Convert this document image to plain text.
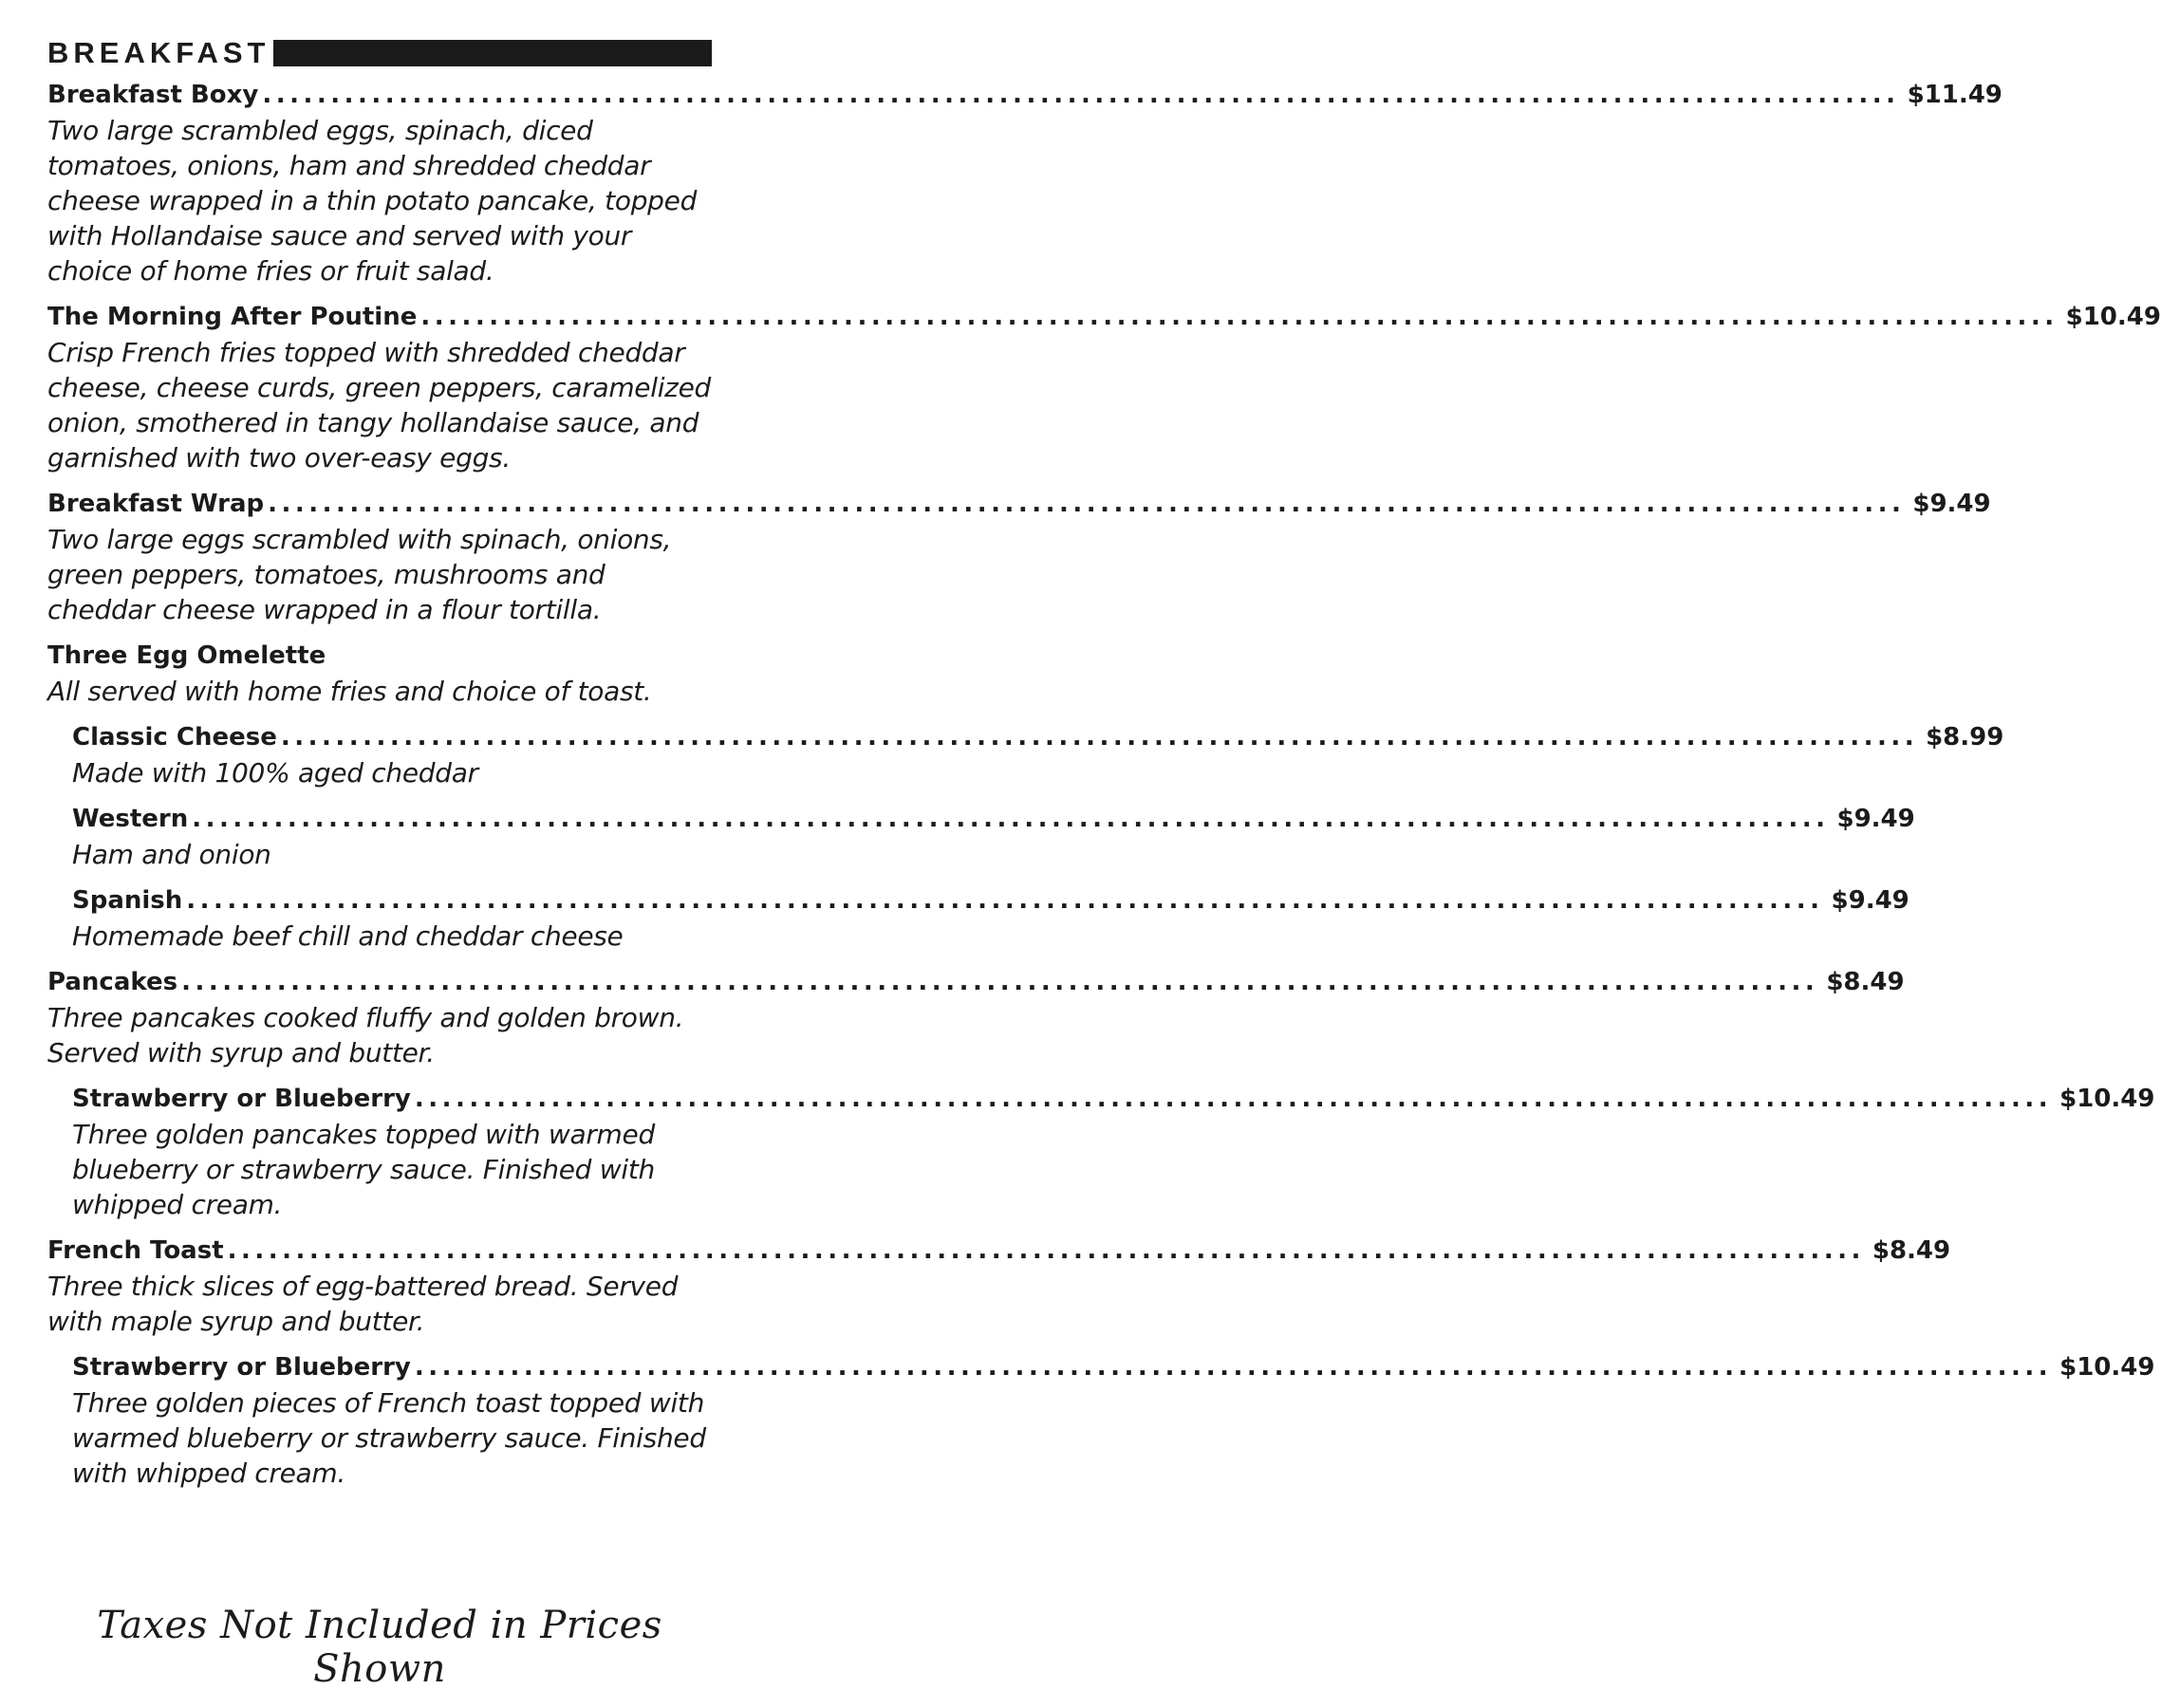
BREAKFAST
Breakfast Boxy ........................................................................................................................ $11.49

Two large scrambled eggs, spinach, diced tomatoes, onions, ham and shredded cheddar cheese wrapped in a thin potato pancake, topped with Hollandaise sauce and served with your choice of home fries or fruit salad.

The Morning After Poutine ........................................................................................................................ $10.49

Crisp French fries topped with shredded cheddar cheese, cheese curds, green peppers, caramelized onion, smothered in tangy hollandaise sauce, and garnished with two over-easy eggs.

Breakfast Wrap ........................................................................................................................ $9.49

Two large eggs scrambled with spinach, onions, green peppers, tomatoes, mushrooms and cheddar cheese wrapped in a flour tortilla.

Three Egg Omelette

All served with home fries and choice of toast.

Classic Cheese ........................................................................................................................ $8.99

Made with 100% aged cheddar

Western ........................................................................................................................ $9.49

Ham and onion

Spanish ........................................................................................................................ $9.49

Homemade beef chill and cheddar cheese

Pancakes ........................................................................................................................ $8.49

Three pancakes cooked fluffy and golden brown. Served with syrup and butter.

Strawberry or Blueberry ........................................................................................................................ $10.49

Three golden pancakes topped with warmed blueberry or strawberry sauce. Finished with whipped cream.

French Toast ........................................................................................................................ $8.49

Three thick slices of egg-battered bread. Served with maple syrup and butter.

Strawberry or Blueberry ........................................................................................................................ $10.49

Three golden pieces of French toast topped with warmed blueberry or strawberry sauce. Finished with whipped cream.

Taxes Not Included in Prices Shown
